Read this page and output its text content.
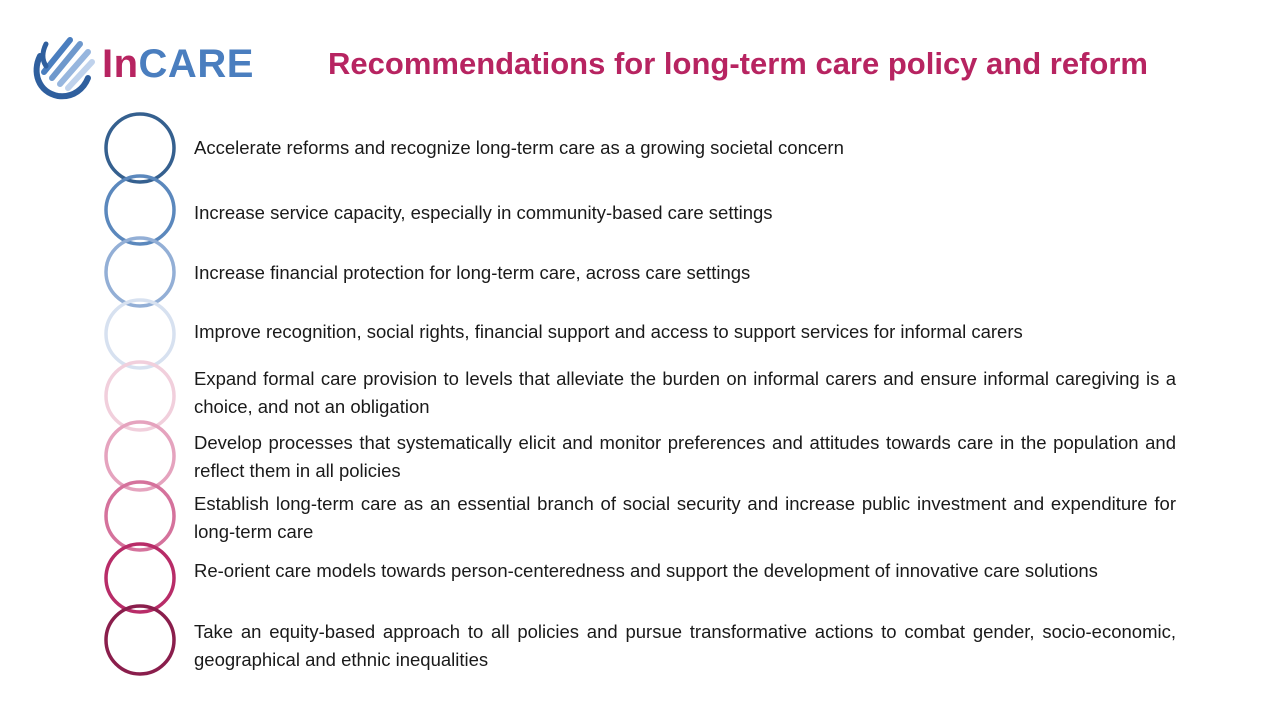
InCARE	Recommendations for long-term care policy and reform
Accelerate reforms and recognize long-term care as a growing societal concern
Increase service capacity, especially in community-based care settings
Increase financial protection for long-term care, across care settings
Improve recognition, social rights, financial support and access to support services for informal carers
Expand formal care provision to levels that alleviate the burden on informal carers and ensure informal caregiving is a choice, and not an obligation
Develop processes that systematically elicit and monitor preferences and attitudes towards care in the population and reflect them in all policies
Establish long-term care as an essential branch of social security and increase public investment and expenditure for long-term care
Re-orient care models towards person-centeredness and support the development of innovative care solutions
Take an equity-based approach to all policies and pursue transformative actions to combat gender, socio-economic, geographical and ethnic inequalities
